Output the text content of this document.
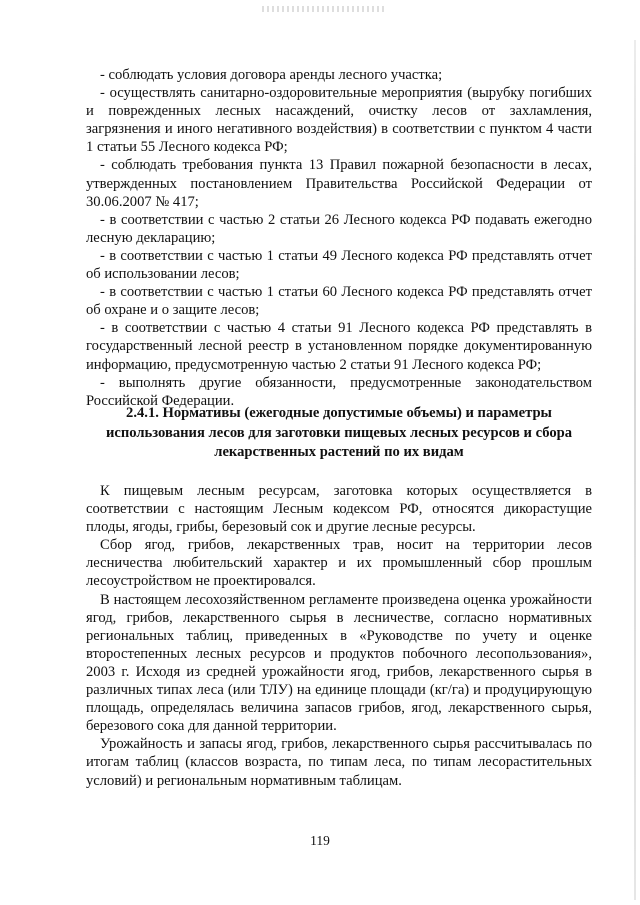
- соблюдать условия договора аренды лесного участка;

- осуществлять санитарно-оздоровительные мероприятия (вырубку погибших и поврежденных лесных насаждений, очистку лесов от захламления, загрязнения и иного негативного воздействия) в соответствии с пунктом 4 части 1 статьи 55 Лесного кодекса РФ;

- соблюдать требования пункта 13 Правил пожарной безопасности в лесах, утвержденных постановлением Правительства Российской Федерации от 30.06.2007 № 417;

- в соответствии с частью 2 статьи 26 Лесного кодекса РФ подавать ежегодно лесную декларацию;

- в соответствии с частью 1 статьи 49 Лесного кодекса РФ представлять отчет об использовании лесов;

- в соответствии с частью 1 статьи 60 Лесного кодекса РФ представлять отчет об охране и о защите лесов;

- в соответствии с частью 4 статьи 91 Лесного кодекса РФ представлять в государственный лесной реестр в установленном порядке документированную информацию, предусмотренную частью 2 статьи 91 Лесного кодекса РФ;

- выполнять другие обязанности, предусмотренные законодательством Российской Федерации.

2.4.1. Нормативы (ежегодные допустимые объемы) и параметры
использования лесов для заготовки пищевых лесных ресурсов и сбора
лекарственных растений по их видам

К пищевым лесным ресурсам, заготовка которых осуществляется в соответствии с настоящим Лесным кодексом РФ, относятся дикорастущие плоды, ягоды, грибы, березовый сок и другие лесные ресурсы.

Сбор ягод, грибов, лекарственных трав, носит на территории лесов лесничества любительский характер и их промышленный сбор прошлым лесоустройством не проектировался.

В настоящем лесохозяйственном регламенте произведена оценка урожайности ягод, грибов, лекарственного сырья в лесничестве, согласно нормативных региональных таблиц, приведенных в «Руководстве по учету и оценке второстепенных лесных ресурсов и продуктов побочного лесопользования», 2003 г. Исходя из средней урожайности ягод, грибов, лекарственного сырья в различных типах леса (или ТЛУ) на единице площади (кг/га) и продуцирующую площадь, определялась величина запасов грибов, ягод, лекарственного сырья, березового сока для данной территории.

Урожайность и запасы ягод, грибов, лекарственного сырья рассчитывалась по итогам таблиц (классов возраста, по типам леса, по типам лесорастительных условий) и региональным нормативным таблицам.

119
